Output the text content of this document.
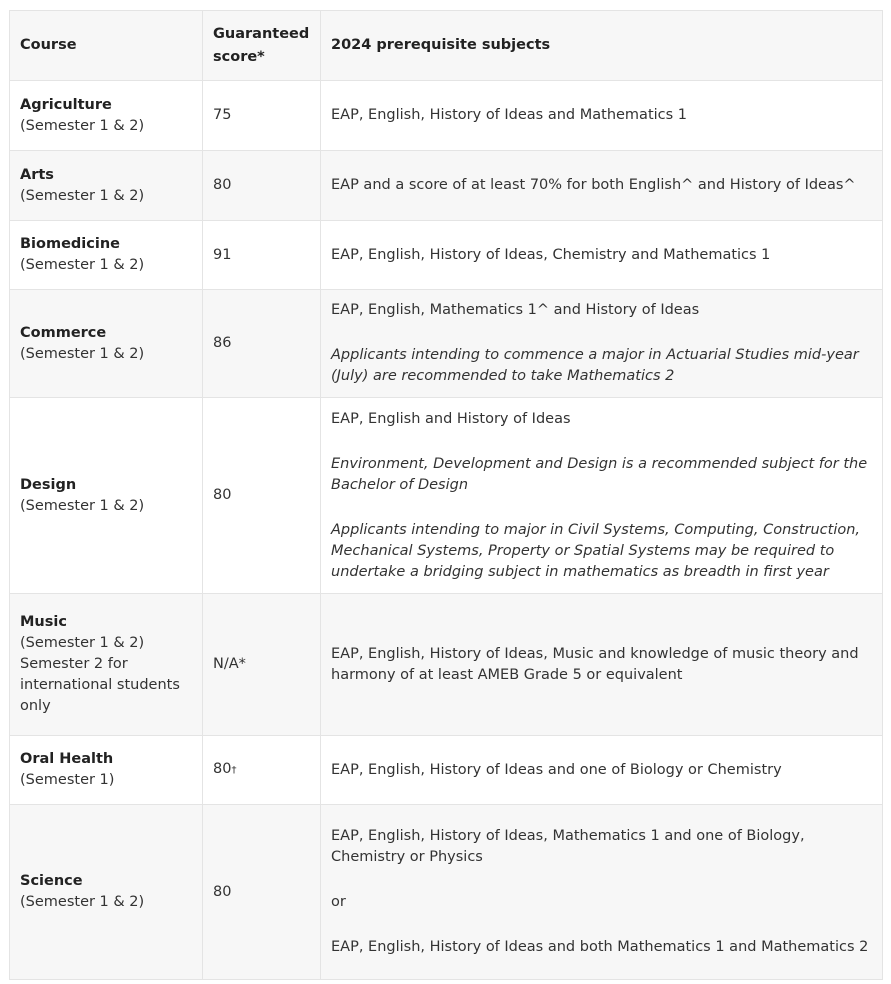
Course	Guaranteed score*	2024 prerequisite subjects
Agriculture
(Semester 1 & 2)	75	EAP, English, History of Ideas and Mathematics 1

Arts
(Semester 1 & 2)	80	EAP and a score of at least 70% for both English^ and History of Ideas^

Biomedicine
(Semester 1 & 2)	91	EAP, English, History of Ideas, Chemistry and Mathematics 1

Commerce
(Semester 1 & 2)	86	EAP, English, Mathematics 1^ and History of Ideas
Applicants intending to commence a major in Actuarial Studies mid-year (July) are recommended to take Mathematics 2

Design
(Semester 1 & 2)	80	EAP, English and History of Ideas
Environment, Development and Design is a recommended subject for the Bachelor of Design
Applicants intending to major in Civil Systems, Computing, Construction, Mechanical Systems, Property or Spatial Systems may be required to undertake a bridging subject in mathematics as breadth in first year

Music
(Semester 1 & 2)
Semester 2 for international students only	N/A*	EAP, English, History of Ideas, Music and knowledge of music theory and harmony of at least AMEB Grade 5 or equivalent

Oral Health
(Semester 1)	80†	EAP, English, History of Ideas and one of Biology or Chemistry

Science
(Semester 1 & 2)	80	EAP, English, History of Ideas, Mathematics 1 and one of Biology, Chemistry or Physics
or
EAP, English, History of Ideas and both Mathematics 1 and Mathematics 2
